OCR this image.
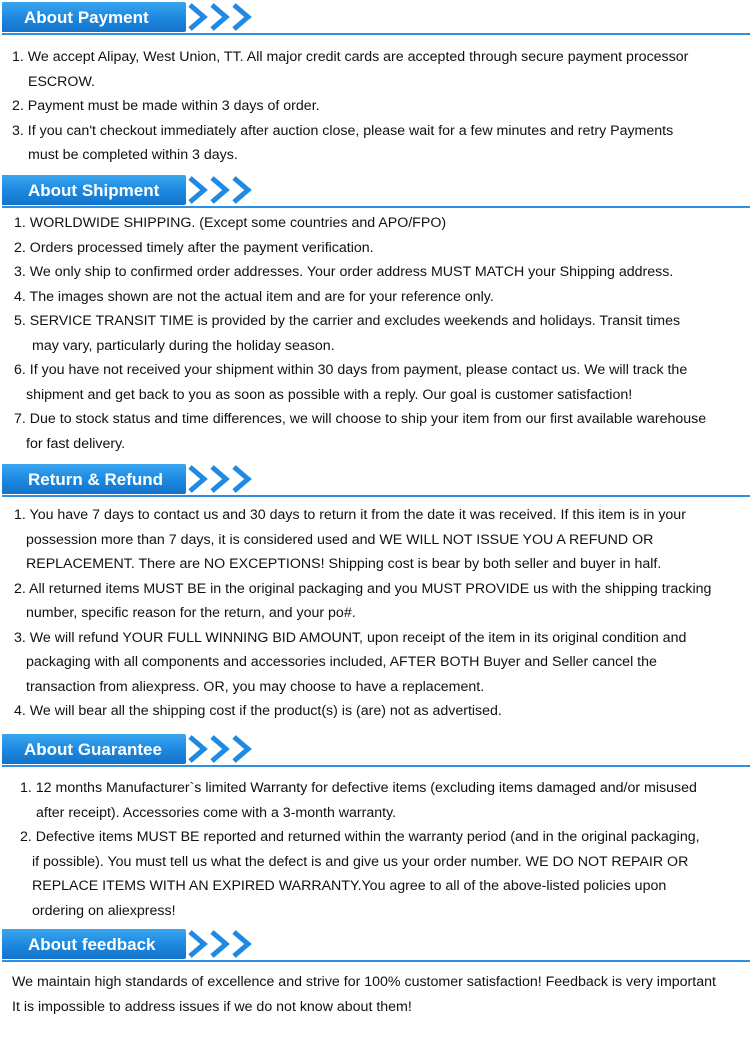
About Payment
1. We accept Alipay, West Union, TT. All major credit cards are accepted through secure payment processor
ESCROW.
2. Payment must be made within 3 days of order.
3. If you can't checkout immediately after auction close, please wait for a few minutes and retry Payments
must be completed within 3 days.
About Shipment
1. WORLDWIDE SHIPPING. (Except some countries and APO/FPO)
2. Orders processed timely after the payment verification.
3. We only ship to confirmed order addresses. Your order address MUST MATCH your Shipping address.
4. The images shown are not the actual item and are for your reference only.
5. SERVICE TRANSIT TIME is provided by the carrier and excludes weekends and holidays. Transit times
may vary, particularly during the holiday season.
6. If you have not received your shipment within 30 days from payment, please contact us. We will track the
shipment and get back to you as soon as possible with a reply. Our goal is customer satisfaction!
7. Due to stock status and time differences, we will choose to ship your item from our first available warehouse
for fast delivery.
Return & Refund
1. You have 7 days to contact us and 30 days to return it from the date it was received. If this item is in your
possession more than 7 days, it is considered used and WE WILL NOT ISSUE YOU A REFUND OR
REPLACEMENT. There are NO EXCEPTIONS! Shipping cost is bear by both seller and buyer in half.
2. All returned items MUST BE in the original packaging and you MUST PROVIDE us with the shipping tracking
number, specific reason for the return, and your po#.
3. We will refund YOUR FULL WINNING BID AMOUNT, upon receipt of the item in its original condition and
packaging with all components and accessories included, AFTER BOTH Buyer and Seller cancel the
transaction from aliexpress. OR, you may choose to have a replacement.
4. We will bear all the shipping cost if the product(s) is (are) not as advertised.
About Guarantee
1. 12 months Manufacturer`s limited Warranty for defective items (excluding items damaged and/or misused
after receipt). Accessories come with a 3-month warranty.
2. Defective items MUST BE reported and returned within the warranty period (and in the original packaging,
if possible). You must tell us what the defect is and give us your order number. WE DO NOT REPAIR OR
REPLACE ITEMS WITH AN EXPIRED WARRANTY.You agree to all of the above-listed policies upon
ordering on aliexpress!
About feedback
We maintain high standards of excellence and strive for 100% customer satisfaction! Feedback is very important
It is impossible to address issues if we do not know about them!
